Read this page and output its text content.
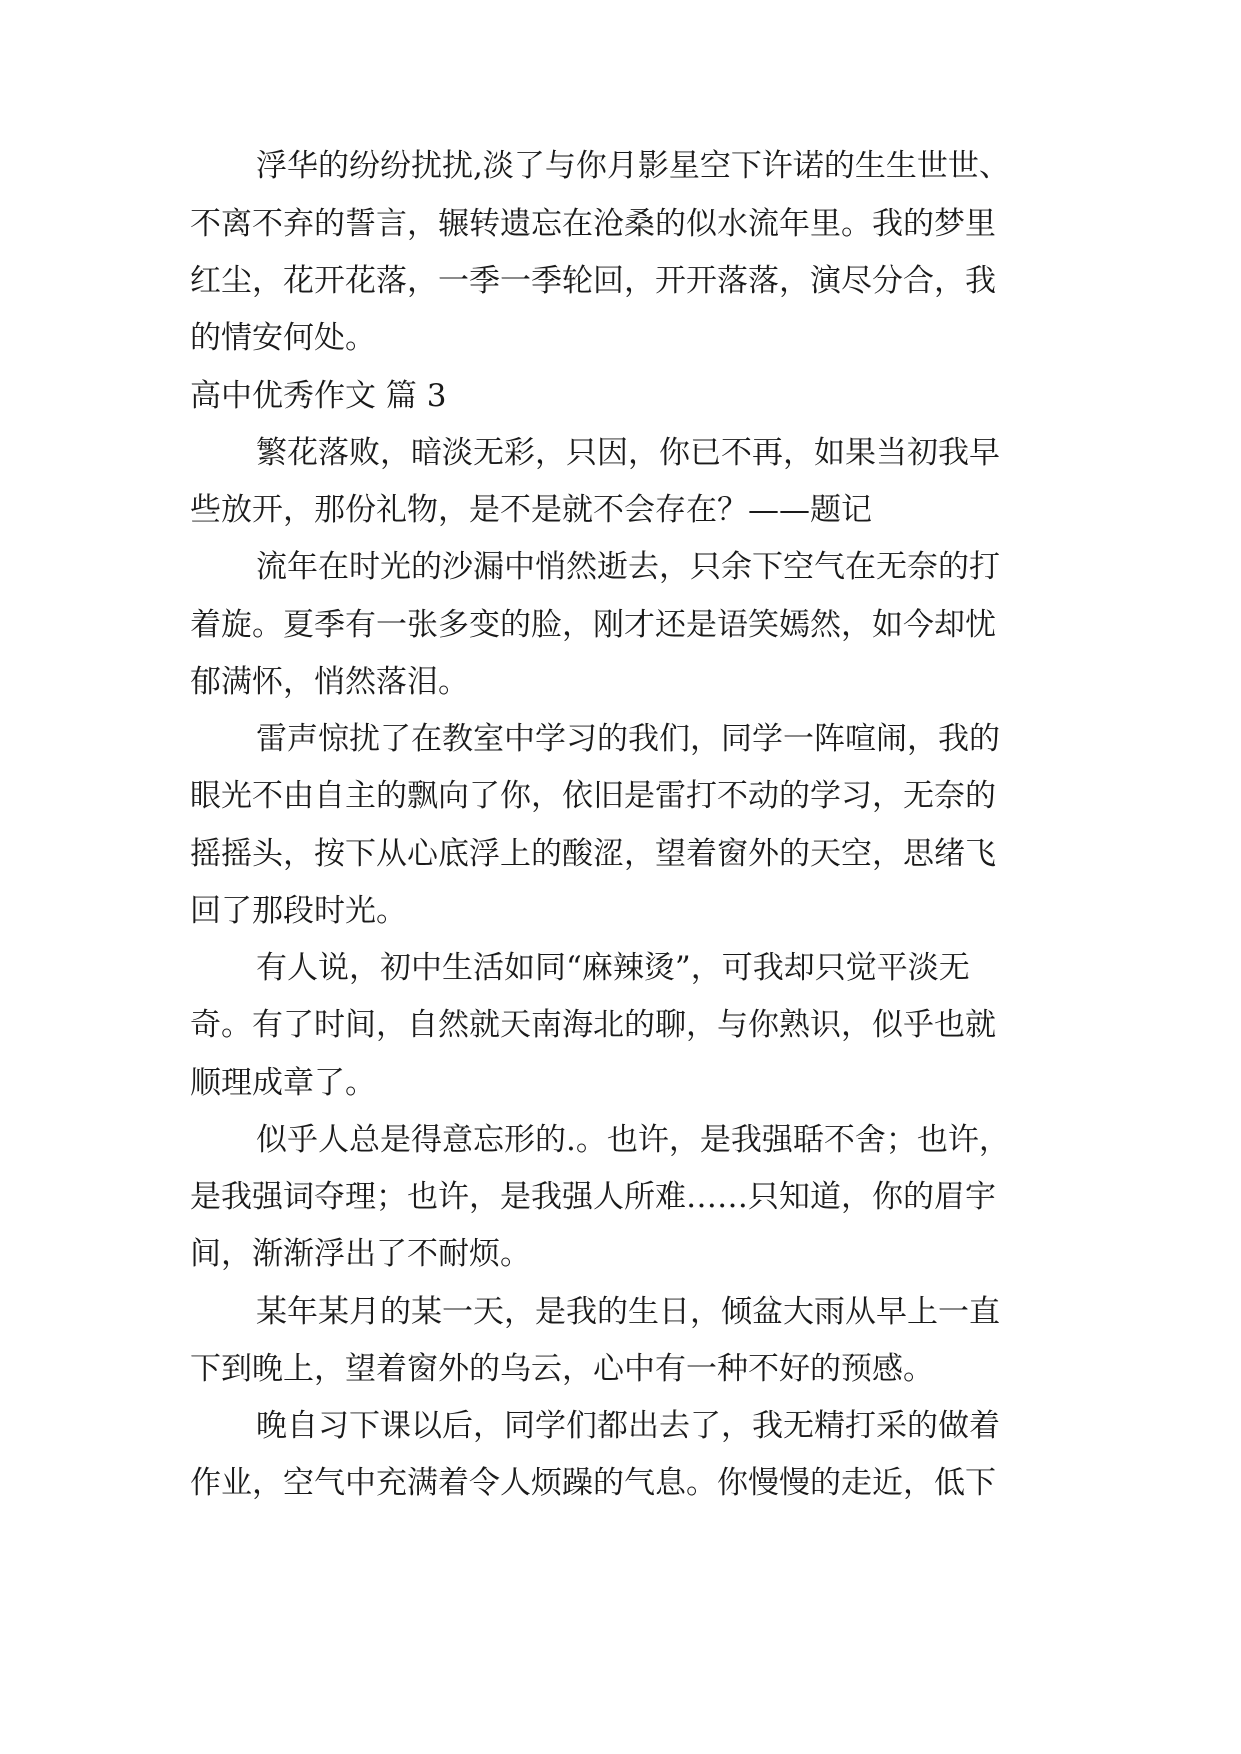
浮华的纷纷扰扰,淡了与你月影星空下许诺的生生世世、

不离不弃的誓言，辗转遗忘在沧桑的似水流年里。我的梦里

红尘，花开花落，一季一季轮回，开开落落，演尽分合，我

的情安何处。

高中优秀作文 篇 3

繁花落败，暗淡无彩，只因，你已不再，如果当初我早

些放开，那份礼物，是不是就不会存在？——题记

流年在时光的沙漏中悄然逝去，只余下空气在无奈的打

着旋。夏季有一张多变的脸，刚才还是语笑嫣然，如今却忧

郁满怀，悄然落泪。

雷声惊扰了在教室中学习的我们，同学一阵喧闹，我的

眼光不由自主的飘向了你，依旧是雷打不动的学习，无奈的

摇摇头，按下从心底浮上的酸涩，望着窗外的天空，思绪飞

回了那段时光。

有人说，初中生活如同“麻辣烫”，可我却只觉平淡无

奇。有了时间，自然就天南海北的聊，与你熟识，似乎也就

顺理成章了。

似乎人总是得意忘形的.。也许，是我强聒不舍；也许，

是我强词夺理；也许，是我强人所难……只知道，你的眉宇

间，渐渐浮出了不耐烦。

某年某月的某一天，是我的生日，倾盆大雨从早上一直

下到晚上，望着窗外的乌云，心中有一种不好的预感。

晚自习下课以后，同学们都出去了，我无精打采的做着

作业，空气中充满着令人烦躁的气息。你慢慢的走近，低下
